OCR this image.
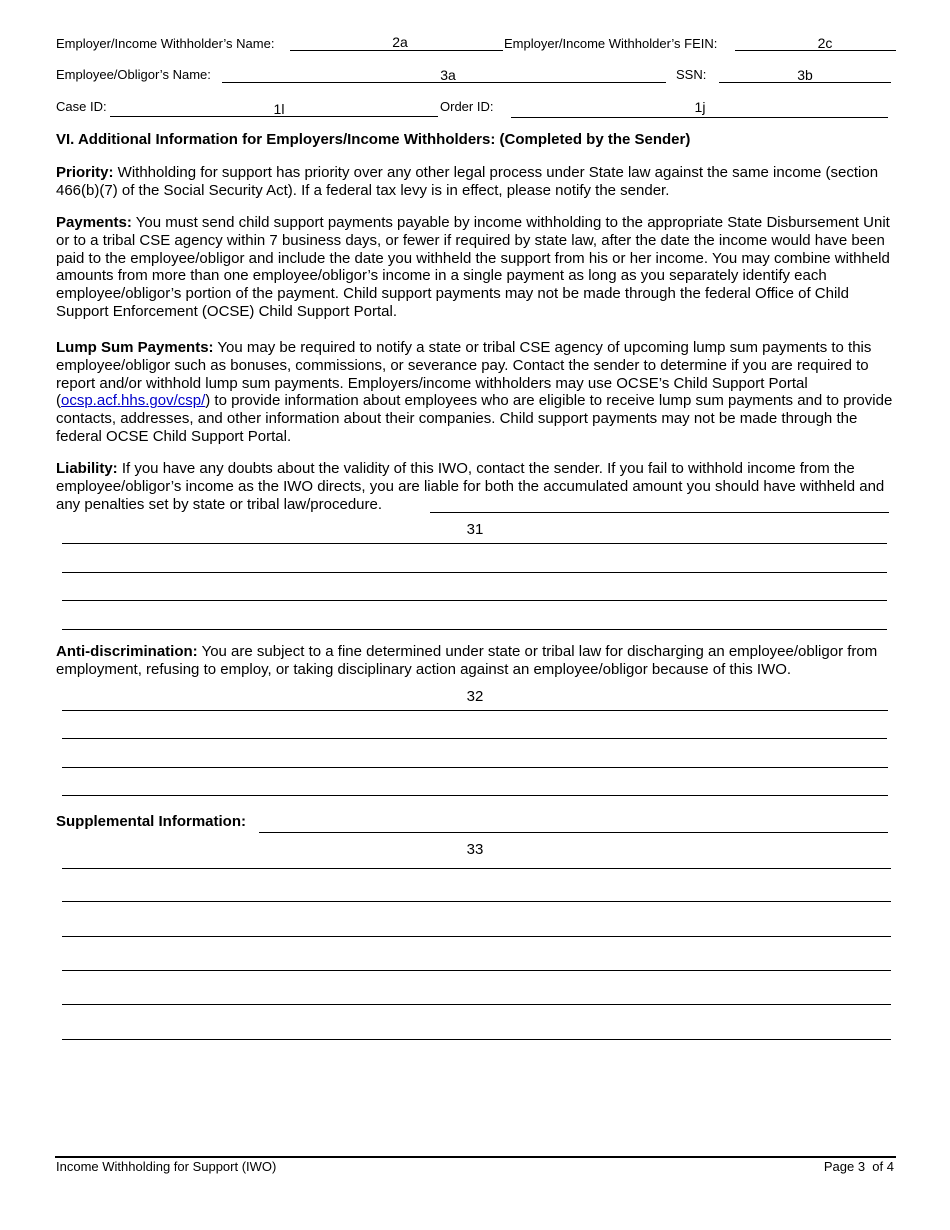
Employer/Income Withholder’s Name:	2a	Employer/Income Withholder’s FEIN:	2c
Employee/Obligor’s Name:	3a	SSN:	3b
Case ID:	1l	Order ID:	1j
VI. Additional Information for Employers/Income Withholders: (Completed by the Sender)
Priority: Withholding for support has priority over any other legal process under State law against the same income (section 466(b)(7) of the Social Security Act). If a federal tax levy is in effect, please notify the sender.
Payments: You must send child support payments payable by income withholding to the appropriate State Disbursement Unit or to a tribal CSE agency within 7 business days, or fewer if required by state law, after the date the income would have been paid to the employee/obligor and include the date you withheld the support from his or her income. You may combine withheld amounts from more than one employee/obligor’s income in a single payment as long as you separately identify each employee/obligor’s portion of the payment. Child support payments may not be made through the federal Office of Child Support Enforcement (OCSE) Child Support Portal.
Lump Sum Payments: You may be required to notify a state or tribal CSE agency of upcoming lump sum payments to this employee/obligor such as bonuses, commissions, or severance pay. Contact the sender to determine if you are required to report and/or withhold lump sum payments. Employers/income withholders may use OCSE’s Child Support Portal (ocsp.acf.hhs.gov/csp/) to provide information about employees who are eligible to receive lump sum payments and to provide contacts, addresses, and other information about their companies. Child support payments may not be made through the federal OCSE Child Support Portal.
Liability: If you have any doubts about the validity of this IWO, contact the sender. If you fail to withhold income from the employee/obligor’s income as the IWO directs, you are liable for both the accumulated amount you should have withheld and any penalties set by state or tribal law/procedure.
31
Anti-discrimination: You are subject to a fine determined under state or tribal law for discharging an employee/obligor from employment, refusing to employ, or taking disciplinary action against an employee/obligor because of this IWO.
32
Supplemental Information:
33
Income Withholding for Support (IWO)	Page 3  of 4
